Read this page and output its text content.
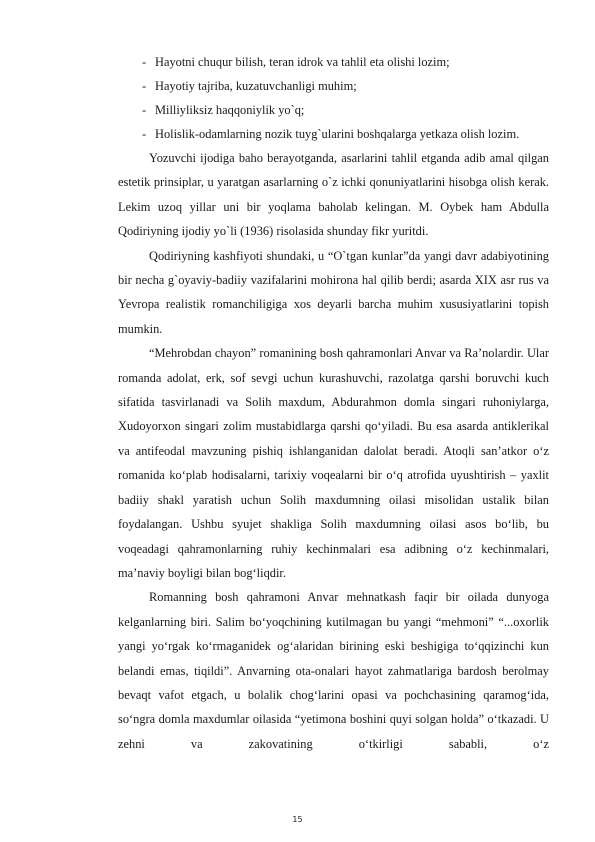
- Hayotni chuqur bilish, teran idrok va tahlil eta olishi lozim;
- Hayotiy tajriba, kuzatuvchanligi muhim;
- Milliyliksiz haqqoniylik yo`q;
- Holislik-odamlarning nozik tuyg`ularini boshqalarga yetkaza olish lozim.

Yozuvchi ijodiga baho berayotganda, asarlarini tahlil etganda adib amal qilgan estetik prinsiplar, u yaratgan asarlarning o`z ichki qonuniyatlarini hisobga olish kerak. Lekim uzoq yillar uni bir yoqlama baholab kelingan. M. Oybek ham Abdulla Qodiriyning ijodiy yo`li (1936) risolasida shunday fikr yuritdi.

Qodiriyning kashfiyoti shundaki, u “O`tgan kunlar”da yangi davr adabiyotining bir necha g`oyaviy-badiiy vazifalarini mohirona hal qilib berdi; asarda XIX asr rus va Yevropa realistik romanchiligiga xos deyarli barcha muhim xususiyatlarini topish mumkin.

“Mehrobdan chayon” romanining bosh qahramonlari Anvar va Ra’nolardir. Ular romanda adolat, erk, sof sevgi uchun kurashuvchi, razolatga qarshi boruvchi kuch sifatida tasvirlanadi va Solih maxdum, Abdurahmon domla singari ruhoniylarga, Xudoyorxon singari zolim mustabidlarga qarshi qo‘yiladi. Bu esa asarda antiklerikal va antifeodal mavzuning pishiq ishlanganidan dalolat beradi. Atoqli san’atkor o‘z romanida ko‘plab hodisalarni, tarixiy voqealarni bir o‘q atrofida uyushtirish – yaxlit badiiy shakl yaratish uchun Solih maxdumning oilasi misolidan ustalik bilan foydalangan. Ushbu syujet shakliga Solih maxdumning oilasi asos bo‘lib, bu voqeadagi qahramonlarning ruhiy kechinmalari esa adibning o‘z kechinmalari, ma’naviy boyligi bilan bog‘liqdir.

Romanning bosh qahramoni Anvar mehnatkash faqir bir oilada dunyoga kelganlarning biri. Salim bo‘yoqchining kutilmagan bu yangi “mehmoni” “...oxorlik yangi yo‘rgak ko‘rmaganidek og‘alaridan birining eski beshigiga to‘qqizinchi kun belandi emas, tiqildi”. Anvarning ota-onalari hayot zahmatlariga bardosh berolmay bevaqt vafot etgach, u bolalik chog‘larini opasi va pochchasining qaramog‘ida, so‘ngra domla maxdumlar oilasida “yetimona boshini quyi solgan holda” o‘tkazadi. U zehni va zakovatining o‘tkirligi sababli, o‘z

15
